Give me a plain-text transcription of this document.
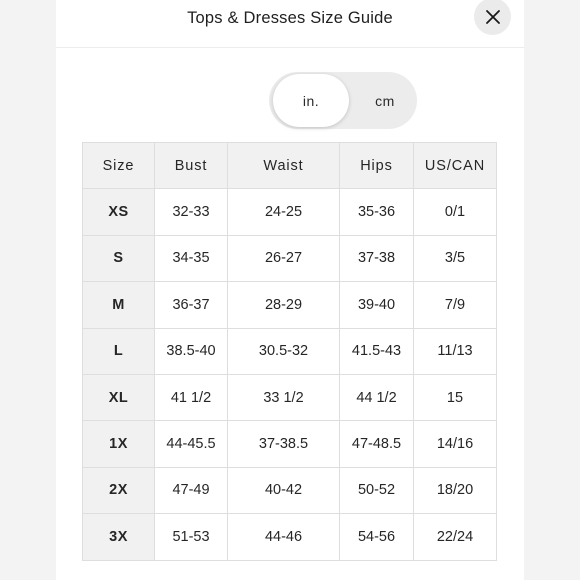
Tops & Dresses Size Guide
in.	cm
Size	Bust	Waist	Hips	US/CAN
XS	32-33	24-25	35-36	0/1
S	34-35	26-27	37-38	3/5
M	36-37	28-29	39-40	7/9
L	38.5-40	30.5-32	41.5-43	11/13
XL	41 1/2	33 1/2	44 1/2	15
1X	44-45.5	37-38.5	47-48.5	14/16
2X	47-49	40-42	50-52	18/20
3X	51-53	44-46	54-56	22/24
